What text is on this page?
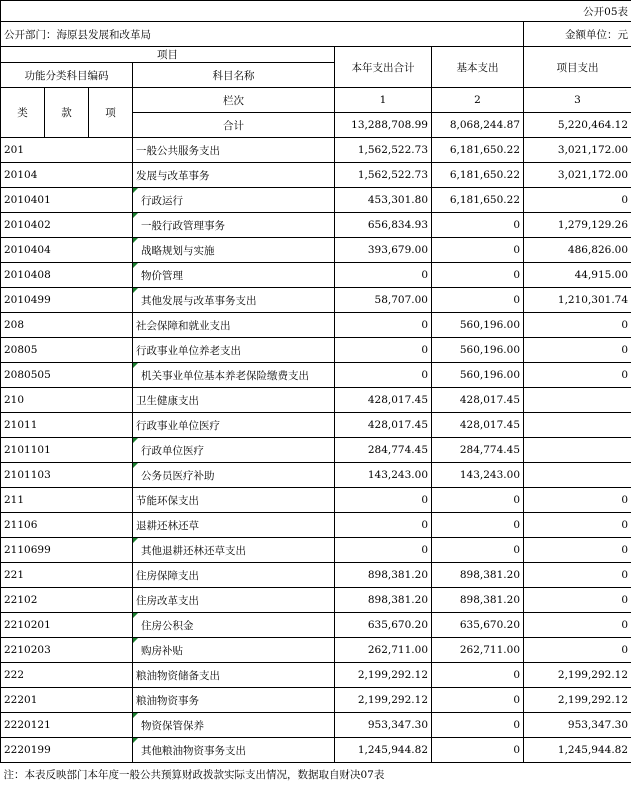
公开05表						
公开部门：海原县发展和改革局						金额单位：元
项目				本年支出合计	基本支出	项目支出
功能分类科目编码			科目名称			
类	款	项	栏次	1	2	3
			合计	13,288,708.99	8,068,244.87	5,220,464.12
201			一般公共服务支出	1,562,522.73	6,181,650.22	3,021,172.00
20104			发展与改革事务	1,562,522.73	6,181,650.22	3,021,172.00
2010401			行政运行	453,301.80	6,181,650.22	0
2010402			一般行政管理事务	656,834.93	0	1,279,129.26
2010404			战略规划与实施	393,679.00	0	486,826.00
2010408			物价管理	0	0	44,915.00
2010499			其他发展与改革事务支出	58,707.00	0	1,210,301.74
208			社会保障和就业支出	0	560,196.00	0
20805			行政事业单位养老支出	0	560,196.00	0
2080505			机关事业单位基本养老保险缴费支出	0	560,196.00	0
210			卫生健康支出	428,017.45	428,017.45	
21011			行政事业单位医疗	428,017.45	428,017.45	
2101101			行政单位医疗	284,774.45	284,774.45	
2101103			公务员医疗补助	143,243.00	143,243.00	
211			节能环保支出	0	0	0
21106			退耕还林还草	0	0	0
2110699			其他退耕还林还草支出	0	0	0
221			住房保障支出	898,381.20	898,381.20	0
22102			住房改革支出	898,381.20	898,381.20	0
2210201			住房公积金	635,670.20	635,670.20	0
2210203			购房补贴	262,711.00	262,711.00	0
222			粮油物资储备支出	2,199,292.12	0	2,199,292.12
22201			粮油物资事务	2,199,292.12	0	2,199,292.12
2220121			物资保管保养	953,347.30	0	953,347.30
2220199			其他粮油物资事务支出	1,245,944.82	0	1,245,944.82
注：本表反映部门本年度一般公共预算财政拨款实际支出情况，数据取自财决07表						
